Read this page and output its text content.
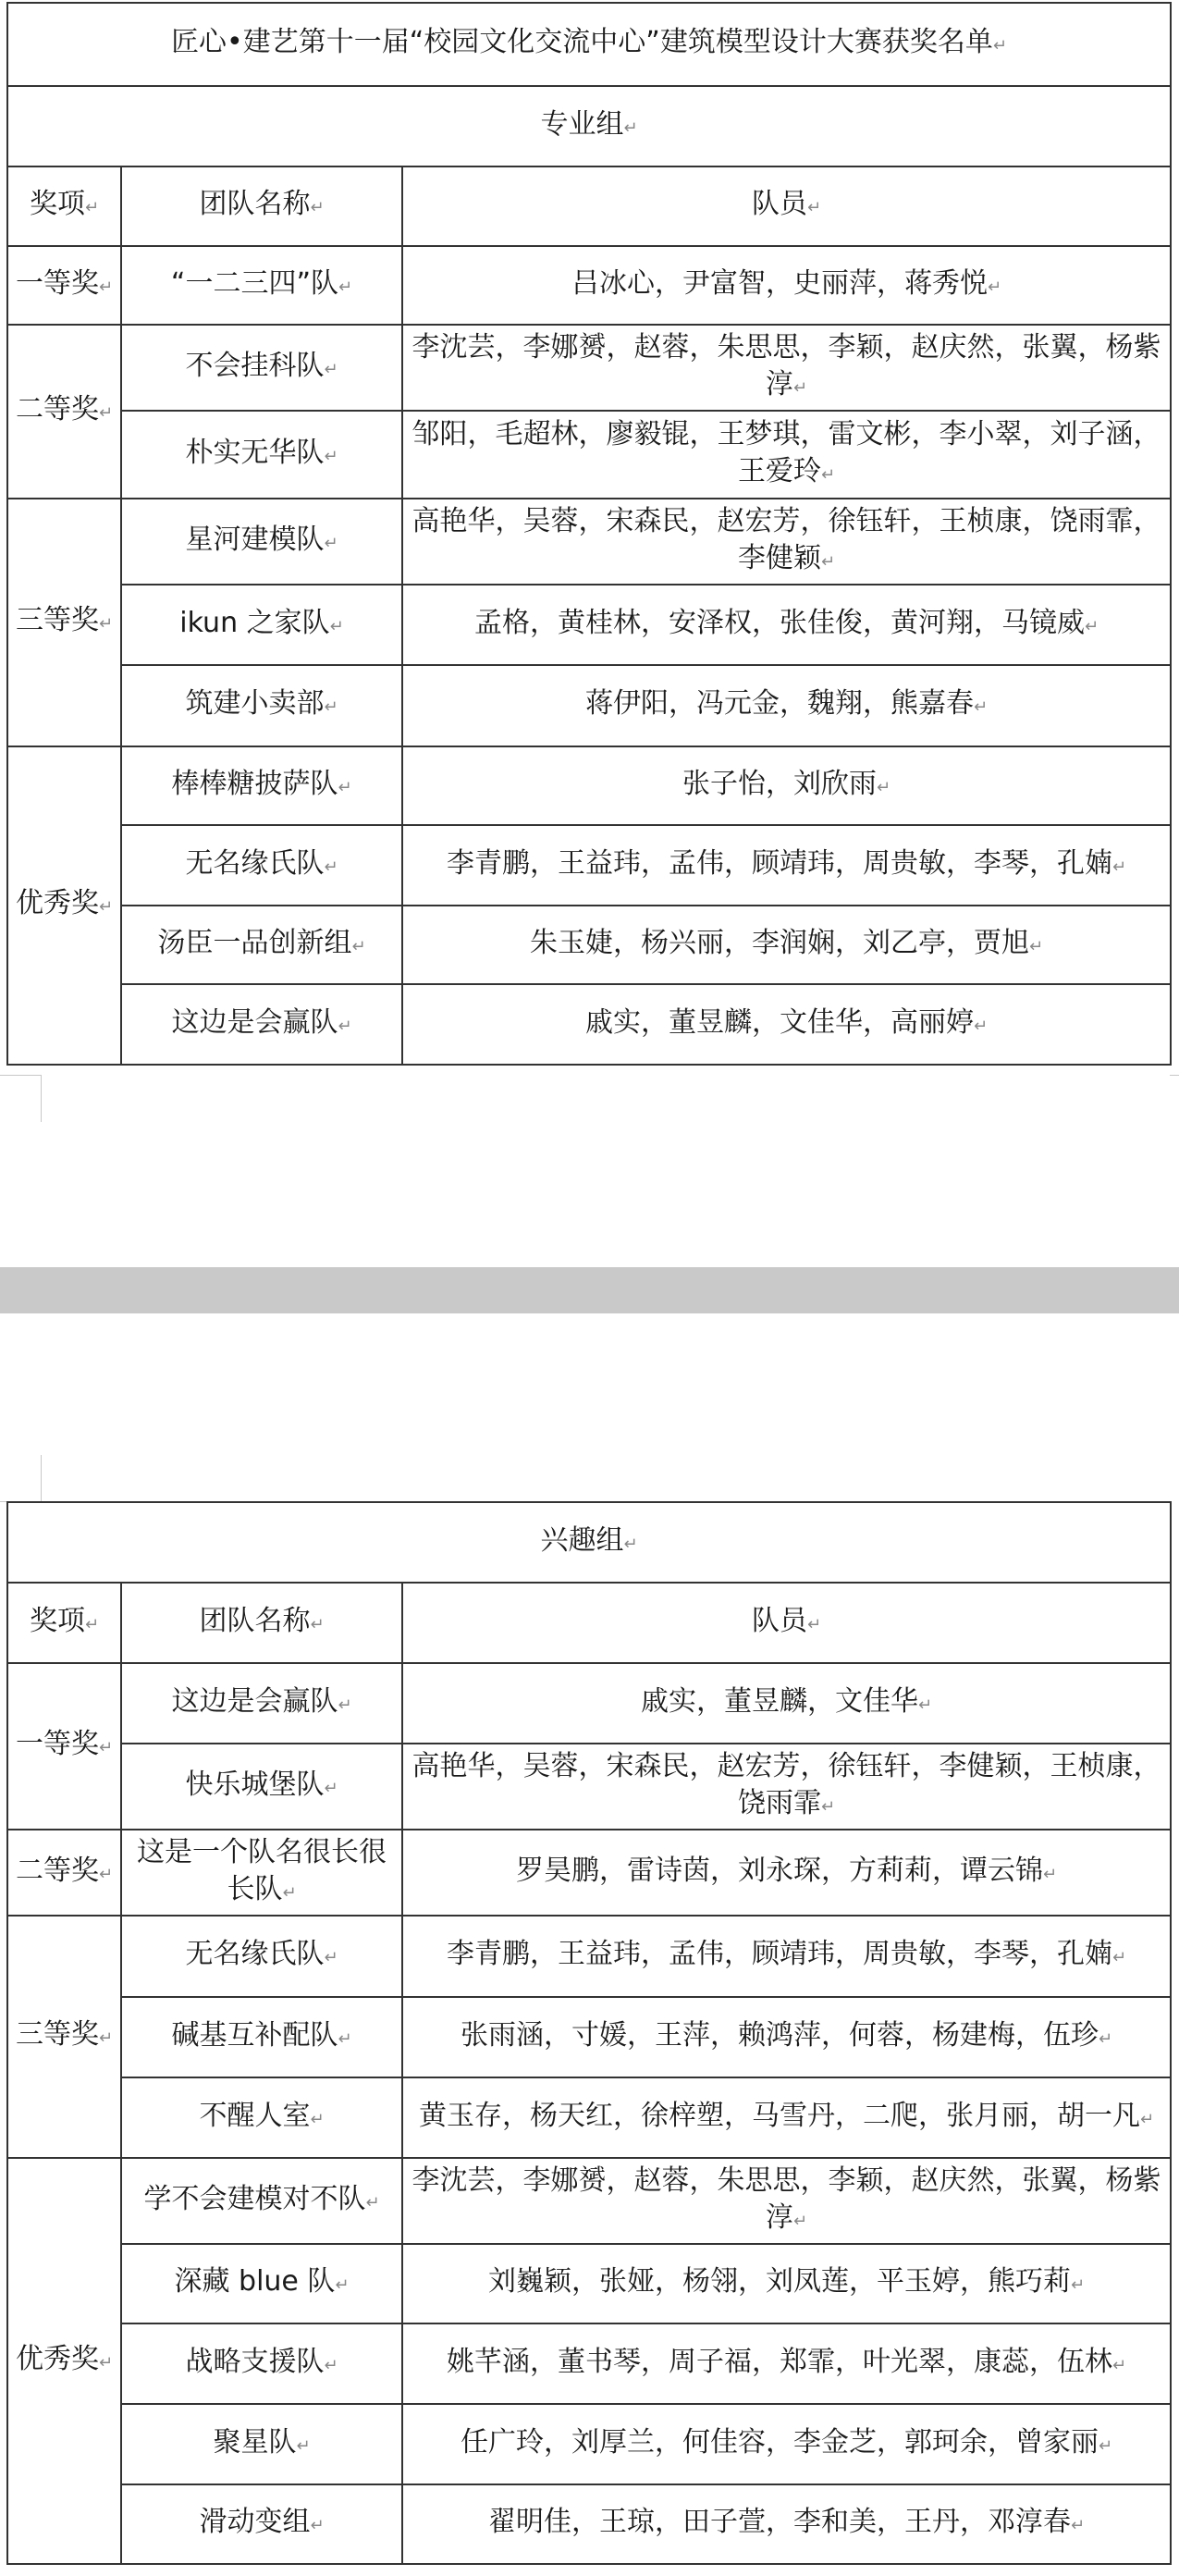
匠心•建艺第十一届“校园文化交流中心”建筑模型设计大赛获奖名单↵		
专业组↵		
奖项↵	团队名称↵	队员↵
一等奖↵	“一二三四”队↵	吕冰心，尹富智，史丽萍，蒋秀悦↵
二等奖↵	不会挂科队↵	李沈芸，李娜赟，赵蓉，朱思思，李颖，赵庆然，张翼，杨紫淳↵
	朴实无华队↵	邹阳，毛超林，廖毅锟，王梦琪，雷文彬，李小翠，刘子涵，王爱玲↵
三等奖↵	星河建模队↵	高艳华，吴蓉，宋森民，赵宏芳，徐钰轩，王桢康，饶雨霏，李健颖↵
	ikun 之家队↵	孟格，黄桂林，安泽权，张佳俊，黄河翔，马镜威↵
	筑建小卖部↵	蒋伊阳，冯元金，魏翔，熊嘉春↵
优秀奖↵	棒棒糖披萨队↵	张子怡，刘欣雨↵
	无名缘氏队↵	李青鹏，王益玮，孟伟，顾靖玮，周贵敏，李琴，孔婻↵
	汤臣一品创新组↵	朱玉婕，杨兴丽，李润娴，刘乙亭，贾旭↵
	这边是会赢队↵	戚实，董昱麟，文佳华，高丽婷↵
兴趣组↵		
奖项↵	团队名称↵	队员↵
一等奖↵	这边是会赢队↵	戚实，董昱麟，文佳华↵
	快乐城堡队↵	高艳华，吴蓉，宋森民，赵宏芳，徐钰轩，李健颖，王桢康，饶雨霏↵
二等奖↵	这是一个队名很长很长队↵	罗昊鹏，雷诗茵，刘永琛，方莉莉，谭云锦↵
三等奖↵	无名缘氏队↵	李青鹏，王益玮，孟伟，顾靖玮，周贵敏，李琴，孔婻↵
	碱基互补配队↵	张雨涵，寸媛，王萍，赖鸿萍，何蓉，杨建梅，伍珍↵
	不醒人室↵	黄玉存，杨天红，徐梓塑，马雪丹，二爬，张月丽，胡一凡↵
优秀奖↵	学不会建模对不队↵	李沈芸，李娜赟，赵蓉，朱思思，李颖，赵庆然，张翼，杨紫淳↵
	深藏 blue 队↵	刘巍颖，张娅，杨翎，刘凤莲，平玉婷，熊巧莉↵
	战略支援队↵	姚芊涵，董书琴，周子福，郑霏，叶光翠，康蕊，伍林↵
	聚星队↵	任广玲，刘厚兰，何佳容，李金芝，郭珂余，曾家丽↵
	滑动变组↵	翟明佳，王琼，田子萱，李和美，王丹，邓淳春↵
